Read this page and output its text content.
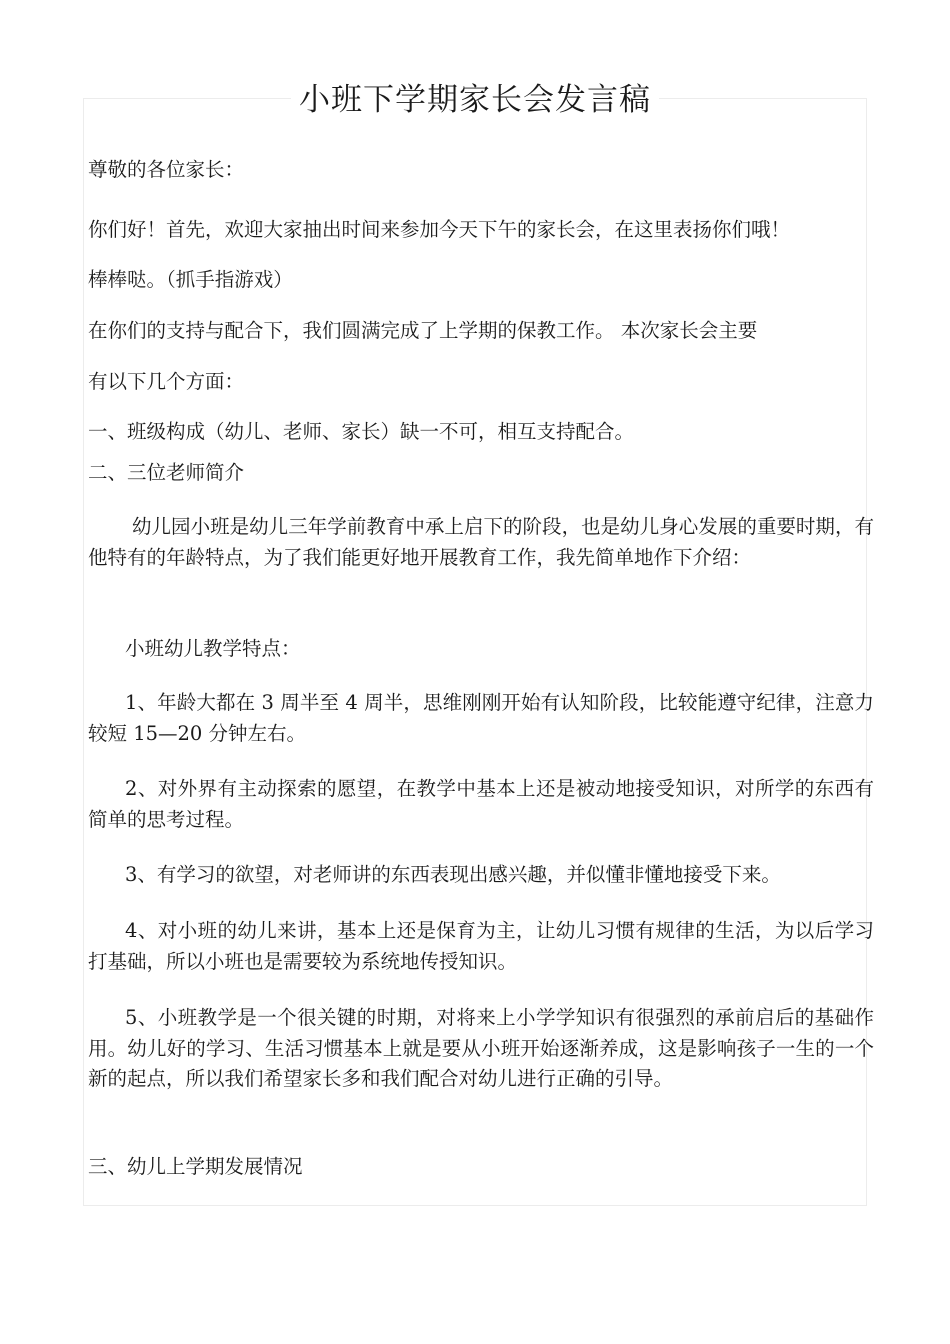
小班下学期家长会发言稿
尊敬的各位家长：
你们好！首先，欢迎大家抽出时间来参加今天下午的家长会，在这里表扬你们哦！
棒棒哒。（抓手指游戏）
在你们的支持与配合下，我们圆满完成了上学期的保教工作。 本次家长会主要
有以下几个方面：
一、班级构成（幼儿、老师、家长）缺一不可，相互支持配合。
二、三位老师简介
幼儿园小班是幼儿三年学前教育中承上启下的阶段，也是幼儿身心发展的重要时期，有他特有的年龄特点，为了我们能更好地开展教育工作，我先简单地作下介绍：
小班幼儿教学特点：
1、年龄大都在 3 周半至 4 周半，思维刚刚开始有认知阶段，比较能遵守纪律，注意力较短 15—20 分钟左右。
2、对外界有主动探索的愿望，在教学中基本上还是被动地接受知识，对所学的东西有简单的思考过程。
3、有学习的欲望，对老师讲的东西表现出感兴趣，并似懂非懂地接受下来。
4、对小班的幼儿来讲，基本上还是保育为主，让幼儿习惯有规律的生活，为以后学习打基础，所以小班也是需要较为系统地传授知识。
5、小班教学是一个很关键的时期，对将来上小学学知识有很强烈的承前启后的基础作用。幼儿好的学习、生活习惯基本上就是要从小班开始逐渐养成，这是影响孩子一生的一个新的起点，所以我们希望家长多和我们配合对幼儿进行正确的引导。
三、幼儿上学期发展情况
